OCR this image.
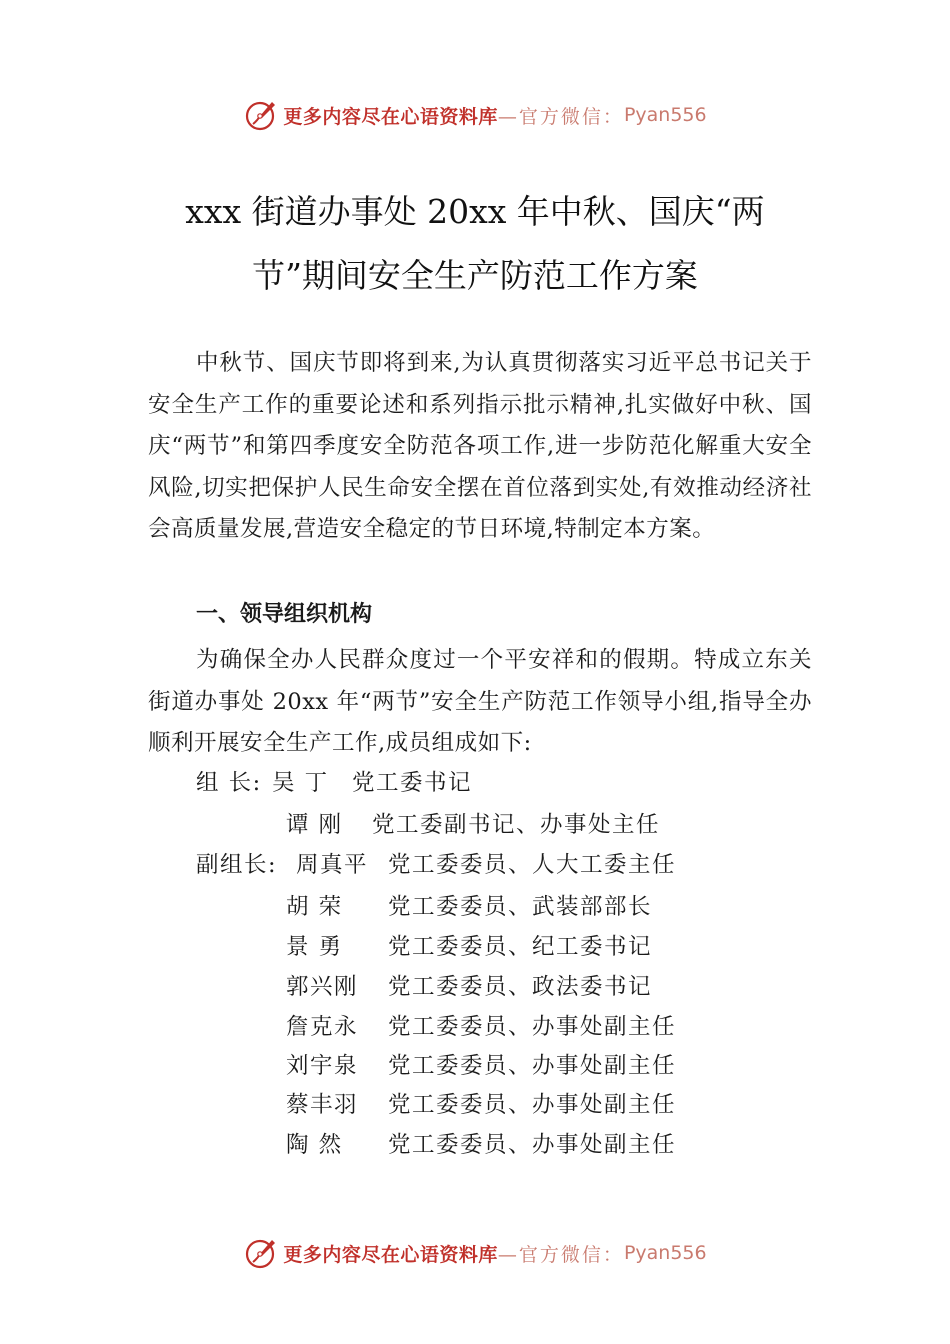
更多内容尽在心语资料库 —官方微信： Pyan556
xxx 街道办事处 20xx 年中秋、国庆“两
节”期间安全生产防范工作方案

中秋节、国庆节即将到来,为认真贯彻落实习近平总书记关于安全生产工作的重要论述和系列指示批示精神,扎实做好中秋、国庆“两节”和第四季度安全防范各项工作,进一步防范化解重大安全风险,切实把保护人民生命安全摆在首位落到实处,有效推动经济社会高质量发展,营造安全稳定的节日环境,特制定本方案。

一、领导组织机构

为确保全办人民群众度过一个平安祥和的假期。特成立东关街道办事处 20xx 年“两节”安全生产防范工作领导小组,指导全办顺利开展安全生产工作,成员组成如下:

组 长: 吴 丁 党工委书记
谭 刚 党工委副书记、办事处主任
副组长: 周真平 党工委委员、人大工委主任
胡 荣 党工委委员、武装部部长
景 勇 党工委委员、纪工委书记
郭兴刚 党工委委员、政法委书记
詹克永 党工委委员、办事处副主任
刘宇泉 党工委委员、办事处副主任
蔡丰羽 党工委委员、办事处副主任
陶 然 党工委委员、办事处副主任
更多内容尽在心语资料库 —官方微信： Pyan556
